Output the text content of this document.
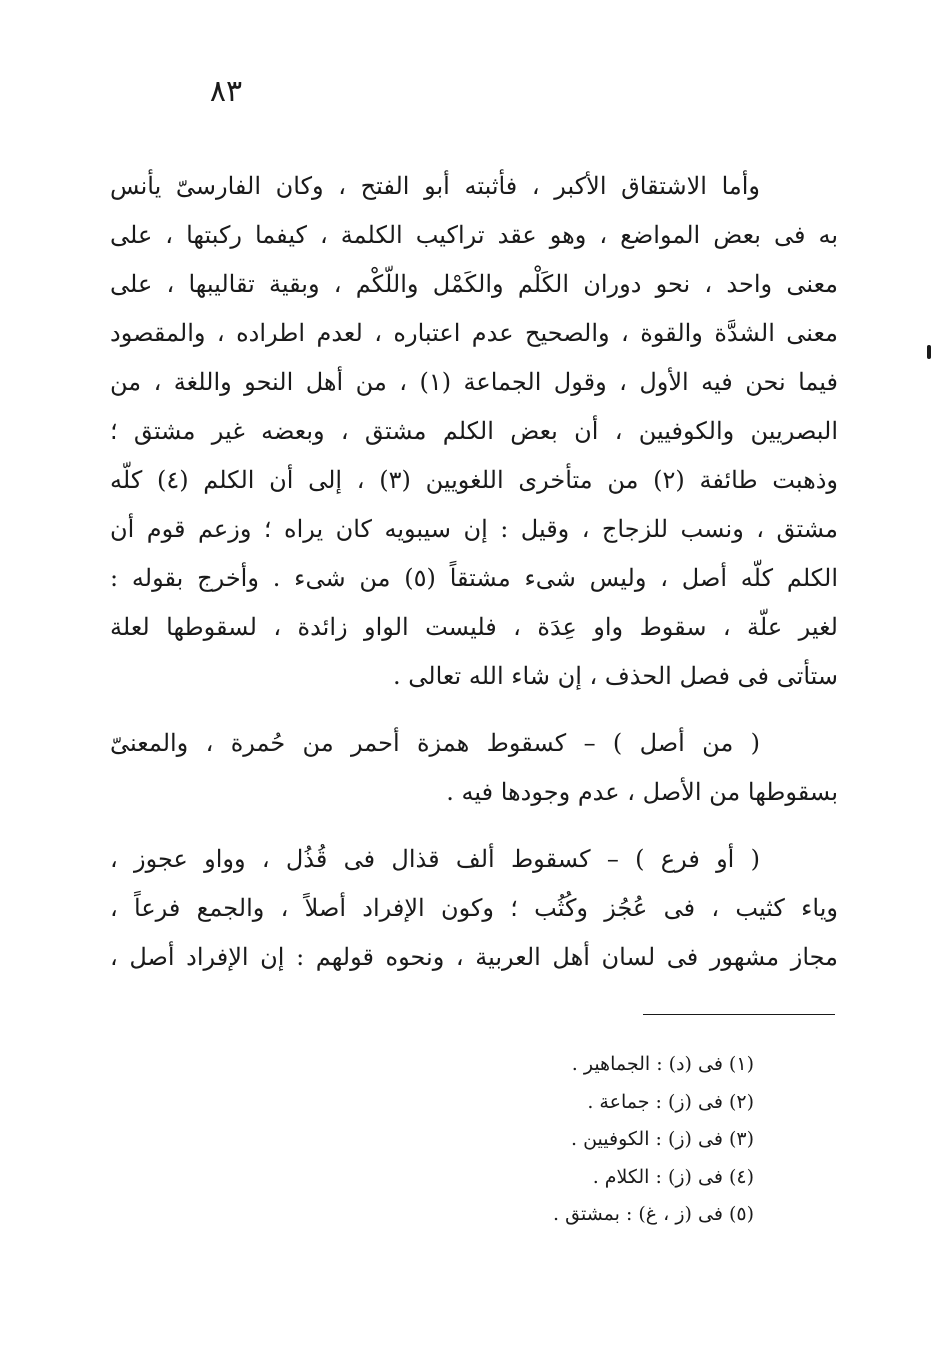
٨٣
وأما الاشتقاق الأكبر ، فأثبته أبو الفتح ، وكان الفارسىّ يأنس
به فى بعض المواضع ، وهو عقد تراكيب الكلمة ، كيفما ركبتها ، على
معنى واحد ، نحو دوران الكَلْم والكَمْل واللّكْم ، وبقية تقاليبها ، على
معنى الشدَّة والقوة ، والصحيح عدم اعتباره ، لعدم اطراده ، والمقصود
فيما نحن فيه الأول ، وقول الجماعة (١) ، من أهل النحو واللغة ، من
البصريين والكوفيين ، أن بعض الكلم مشتق ، وبعضه غير مشتق ؛
وذهبت طائفة (٢) من متأخرى اللغويين (٣) ، إلى أن الكلم (٤) كلّه
مشتق ، ونسب للزجاج ، وقيل : إن سيبويه كان يراه ؛ وزعم قوم أن
الكلم كلّه أصل ، وليس شىء مشتقاً (٥) من شىء . وأخرج بقوله :
لغير علّة ، سقوط واو عِدَة ، فليست الواو زائدة ، لسقوطها لعلة
ستأتى فى فصل الحذف ، إن شاء الله تعالى .
( من أصل ) – كسقوط همزة أحمر من حُمرة ، والمعنىّ
بسقوطها من الأصل ، عدم وجودها فيه .
( أو فرع ) – كسقوط ألف قذال فى قُذُل ، وواو عجوز ،
وياء كثيب ، فى عُجُز وكُثُب ؛ وكون الإفراد أصلاً ، والجمع فرعاً ،
مجاز مشهور فى لسان أهل العربية ، ونحوه قولهم : إن الإفراد أصل ،
(١) فى (د) : الجماهير .
(٢) فى (ز) : جماعة .
(٣) فى (ز) : الكوفيين .
(٤) فى (ز) : الكلام .
(٥) فى (ز ، غ) : بمشتق .
